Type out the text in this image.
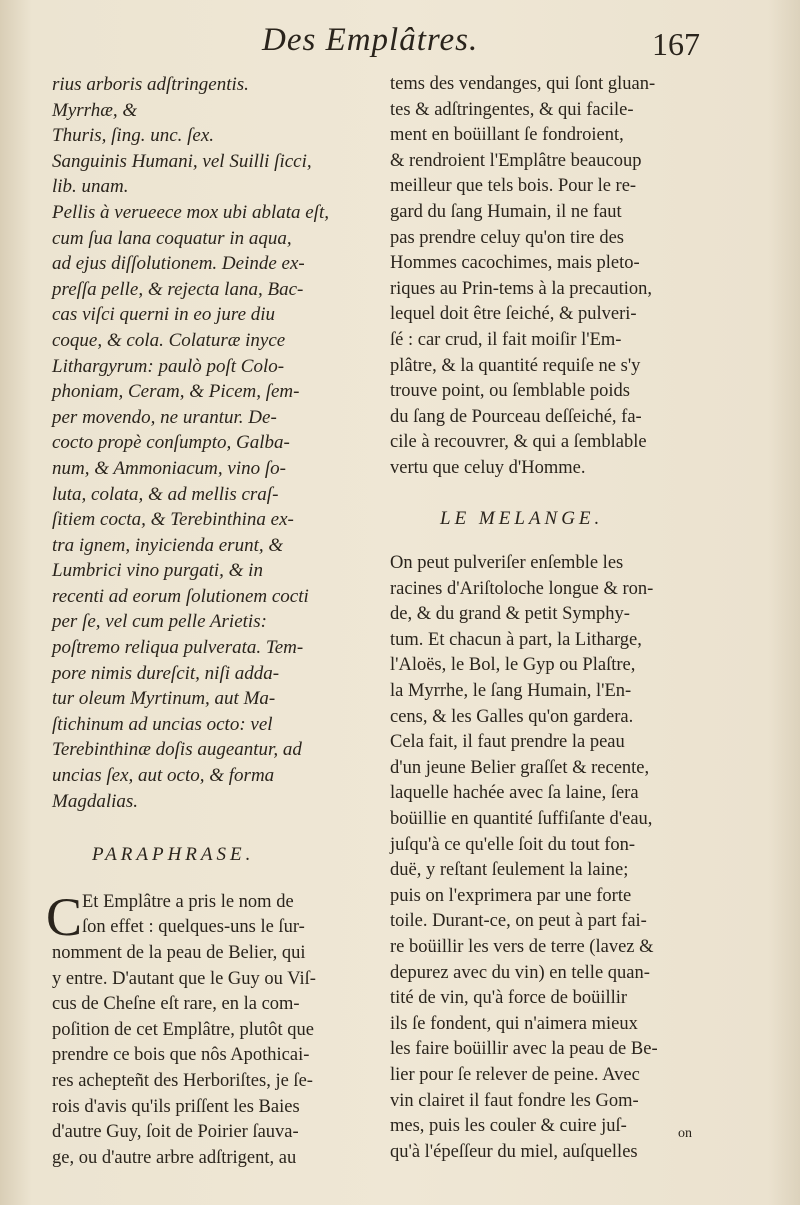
Des Emplâtres.	167
rius arboris adſtringentis.
Myrrhæ, &
Thuris, ſing. unc. ſex.
Sanguinis Humani, vel Suilli ſicci,
lib. unam.
Pellis à verueece mox ubi ablata eſt,
cum ſua lana coquatur in aqua,
ad ejus diſſolutionem. Deinde ex-
preſſa pelle, & rejecta lana, Bac-
cas viſci querni in eo jure diu
coque, & cola. Colaturæ inyce
Lithargyrum: paulò poſt Colo-
phoniam, Ceram, & Picem, ſem-
per movendo, ne urantur. De-
cocto propè conſumpto, Galba-
num, & Ammoniacum, vino ſo-
luta, colata, & ad mellis craſ-
ſitiem cocta, & Terebinthina ex-
tra ignem, inyicienda erunt, &
Lumbrici vino purgati, & in
recenti ad eorum ſolutionem cocti
per ſe, vel cum pelle Arietis:
poſtremo reliqua pulverata. Tem-
pore nimis dureſcit, niſi adda-
tur oleum Myrtinum, aut Ma-
ſtichinum ad uncias octo: vel
Terebinthinæ doſis augeantur, ad
uncias ſex, aut octo, & forma
Magdalias.
PARAPHRASE.
C Et Emplâtre a pris le nom de
ſon effet : quelques-uns le ſur-
nomment de la peau de Belier, qui
y entre. D'autant que le Guy ou Viſ-
cus de Cheſne eſt rare, en la com-
poſition de cet Emplâtre, plutôt que
prendre ce bois que nôs Apothicai-
res achepteñt des Herboriſtes, je ſe-
rois d'avis qu'ils priſſent les Baies
d'autre Guy, ſoit de Poirier ſauva-
ge, ou d'autre arbre adſtrigent, au
tems des vendanges, qui ſont gluan-
tes & adſtringentes, & qui facile-
ment en boüillant ſe fondroient,
& rendroient l'Emplâtre beaucoup
meilleur que tels bois. Pour le re-
gard du ſang Humain, il ne faut
pas prendre celuy qu'on tire des
Hommes cacochimes, mais pleto-
riques au Prin-tems à la precaution,
lequel doit être ſeiché, & pulveri-
ſé : car crud, il fait moiſir l'Em-
plâtre, & la quantité requiſe ne s'y
trouve point, ou ſemblable poids
du ſang de Pourceau deſſeiché, fa-
cile à recouvrer, & qui a ſemblable
vertu que celuy d'Homme.
LE MELANGE.
On peut pulveriſer enſemble les
racines d'Ariſtoloche longue & ron-
de, & du grand & petit Symphy-
tum. Et chacun à part, la Litharge,
l'Aloës, le Bol, le Gyp ou Plaſtre,
la Myrrhe, le ſang Humain, l'En-
cens, & les Galles qu'on gardera.
Cela fait, il faut prendre la peau
d'un jeune Belier graſſet & recente,
laquelle hachée avec ſa laine, ſera
boüillie en quantité ſuffiſante d'eau,
juſqu'à ce qu'elle ſoit du tout fon-
duë, y reſtant ſeulement la laine;
puis on l'exprimera par une forte
toile. Durant-ce, on peut à part fai-
re boüillir les vers de terre (lavez &
depurez avec du vin) en telle quan-
tité de vin, qu'à force de boüillir
ils ſe fondent, qui n'aimera mieux
les faire boüillir avec la peau de Be-
lier pour ſe relever de peine. Avec
vin clairet il faut fondre les Gom-
mes, puis les couler & cuire juſ-
qu'à l'épeſſeur du miel, auſquelles
on
